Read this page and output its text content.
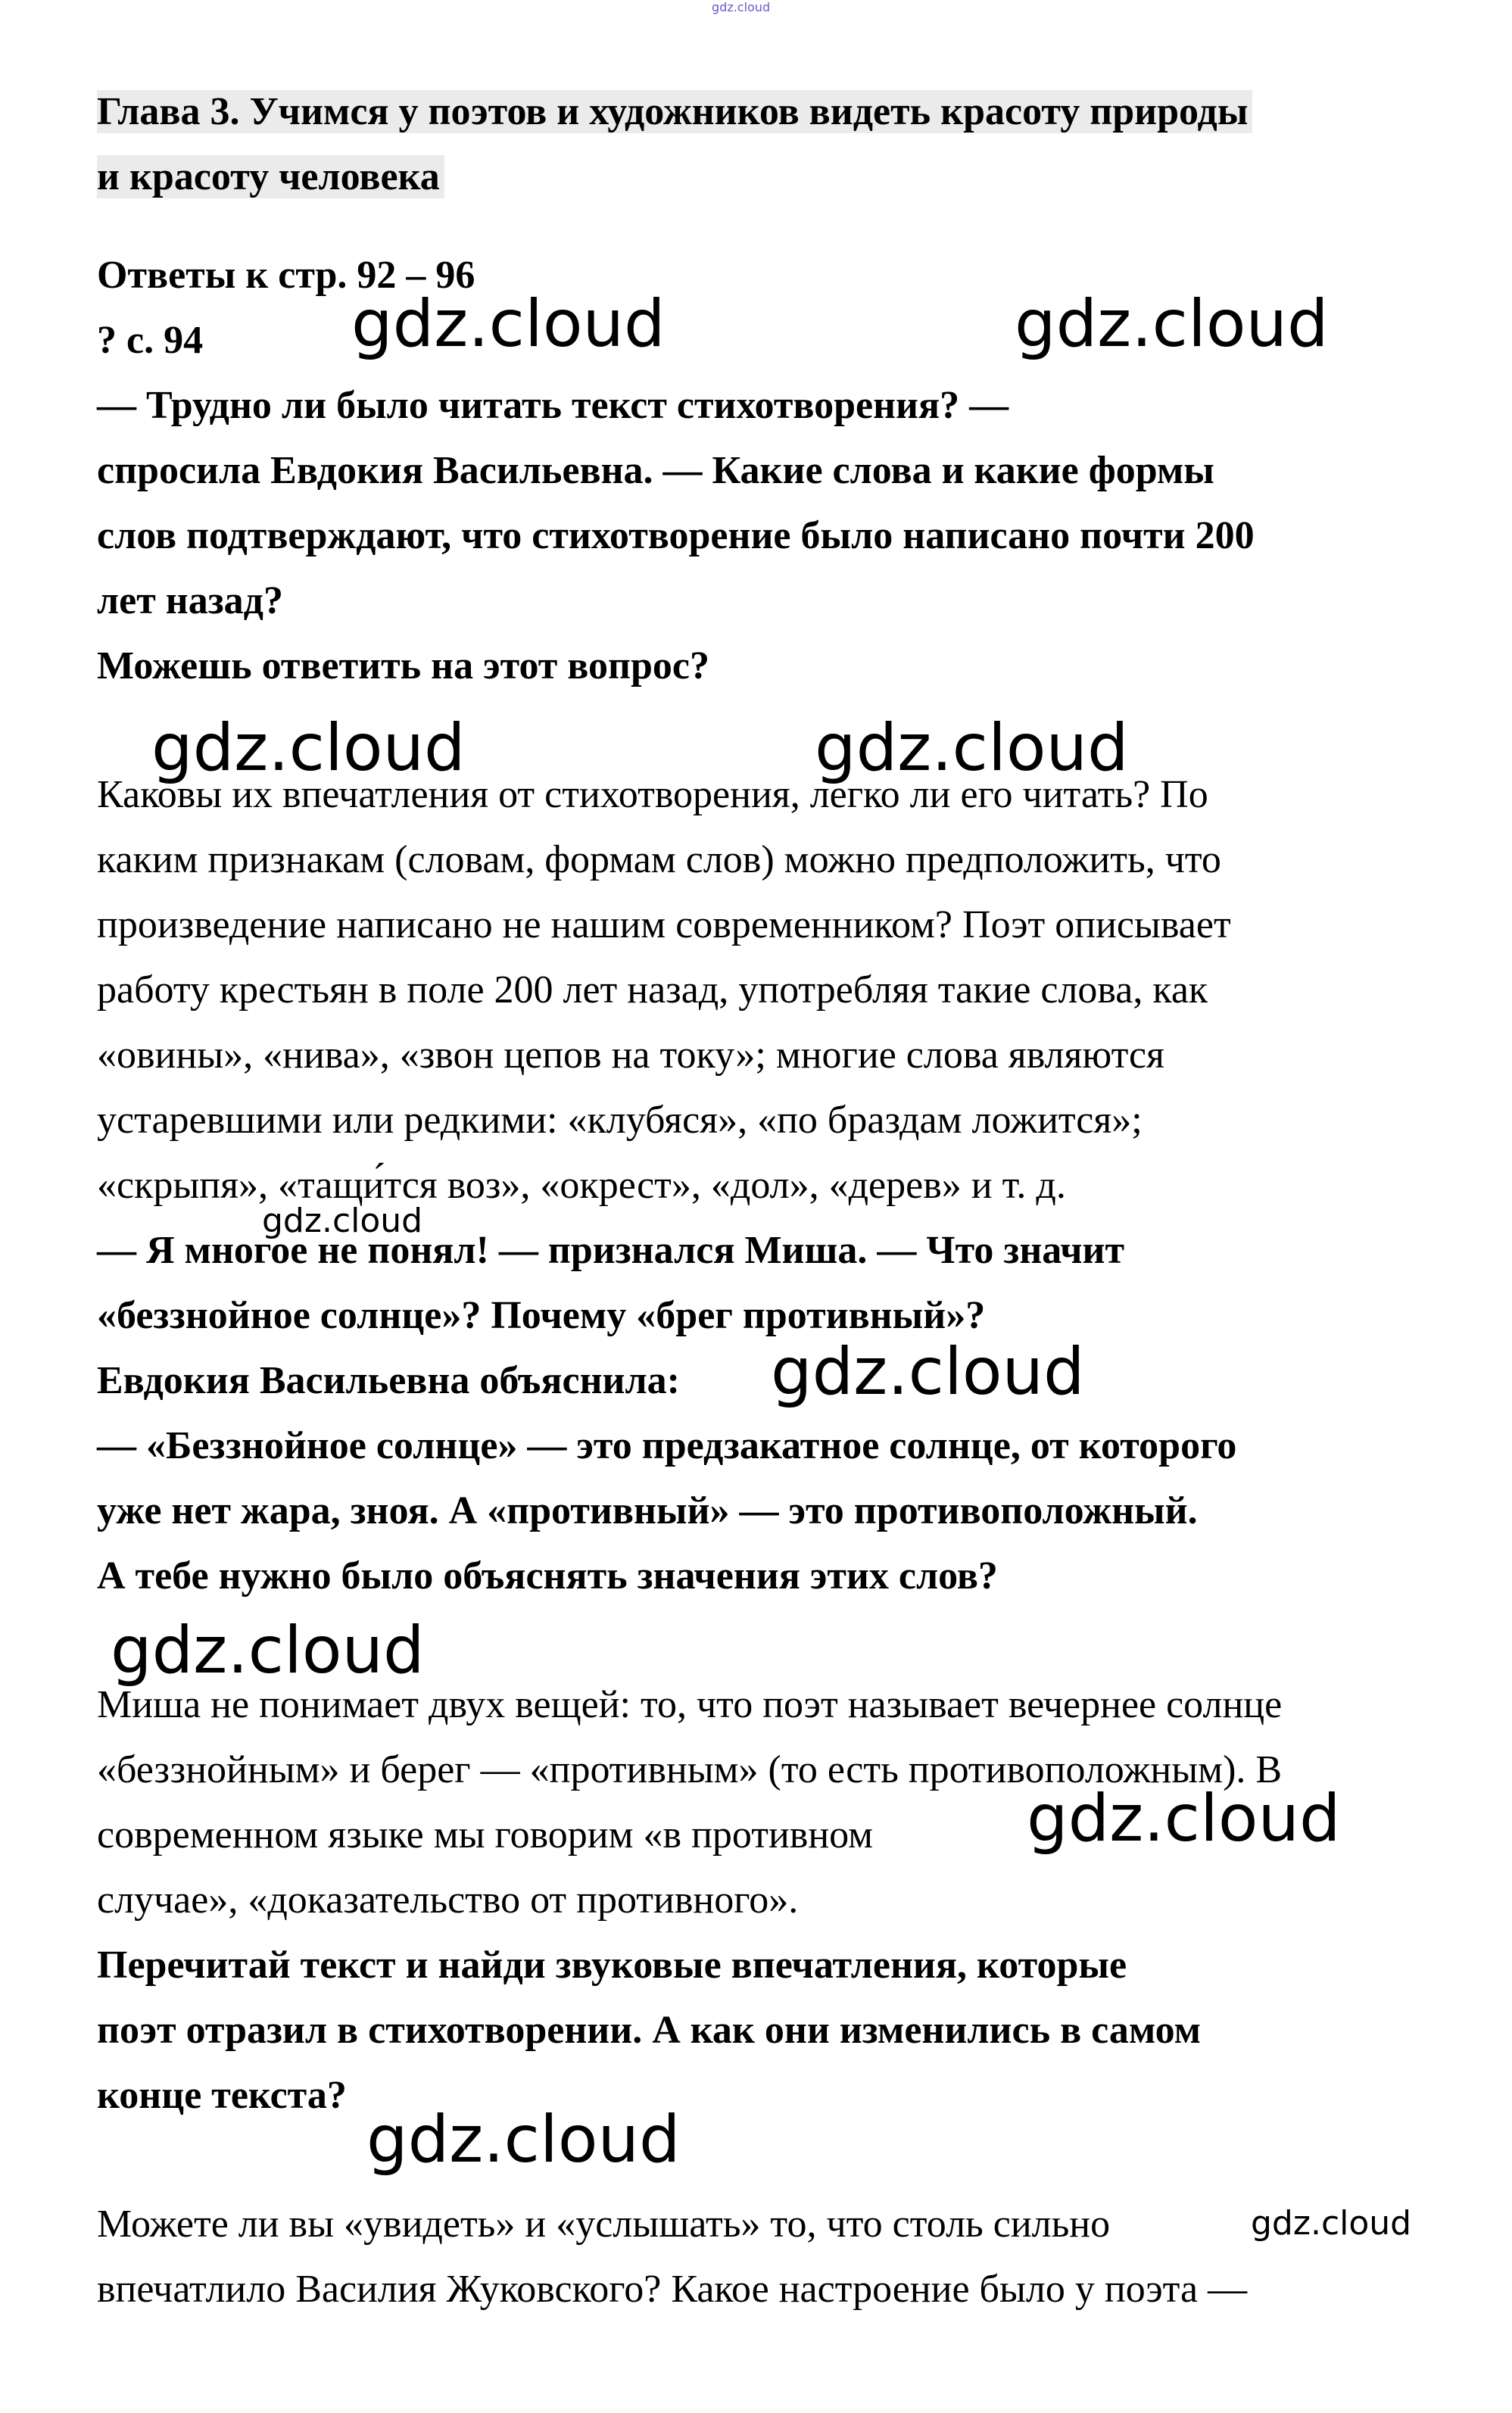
gdz.cloud
Глава 3. Учимся у поэтов и художников видеть красоту природы
и красоту человека
Ответы к стр. 92 – 96
? с. 94
— Трудно ли было читать текст стихотворения? —
спросила Евдокия Васильевна. — Какие слова и какие формы
слов подтверждают, что стихотворение было написано почти 200
лет назад?
Можешь ответить на этот вопрос?
Каковы их впечатления от стихотворения, легко ли его читать? По
каким признакам (словам, формам слов) можно предположить, что
произведение написано не нашим современником? Поэт описывает
работу крестьян в поле 200 лет назад, употребляя такие слова, как
«овины», «нива», «звон цепов на току»; многие слова являются
устаревшими или редкими: «клубяся», «по браздам ложится»;
«скрыпя», «тащи́тся воз», «окрест», «дол», «дерев» и т. д.
— Я многое не понял! — признался Миша. — Что значит
«беззнойное солнце»? Почему «брег противный»?
Евдокия Васильевна объяснила:
— «Беззнойное солнце» — это предзакатное солнце, от которого
уже нет жара, зноя. А «противный» — это противоположный.
А тебе нужно было объяснять значения этих слов?
Миша не понимает двух вещей: то, что поэт называет вечернее солнце
«беззнойным» и берег — «противным» (то есть противоположным). В
современном языке мы говорим «в противном
случае», «доказательство от противного».
Перечитай текст и найди звуковые впечатления, которые
поэт отразил в стихотворении. А как они изменились в самом
конце текста?
Можете ли вы «увидеть» и «услышать» то, что столь сильно
впечатлило Василия Жуковского? Какое настроение было у поэта —
gdz.cloud	gdz.cloud
gdz.cloud	gdz.cloud
gdz.cloud
gdz.cloud
gdz.cloud
gdz.cloud
gdz.cloud
gdz.cloud
